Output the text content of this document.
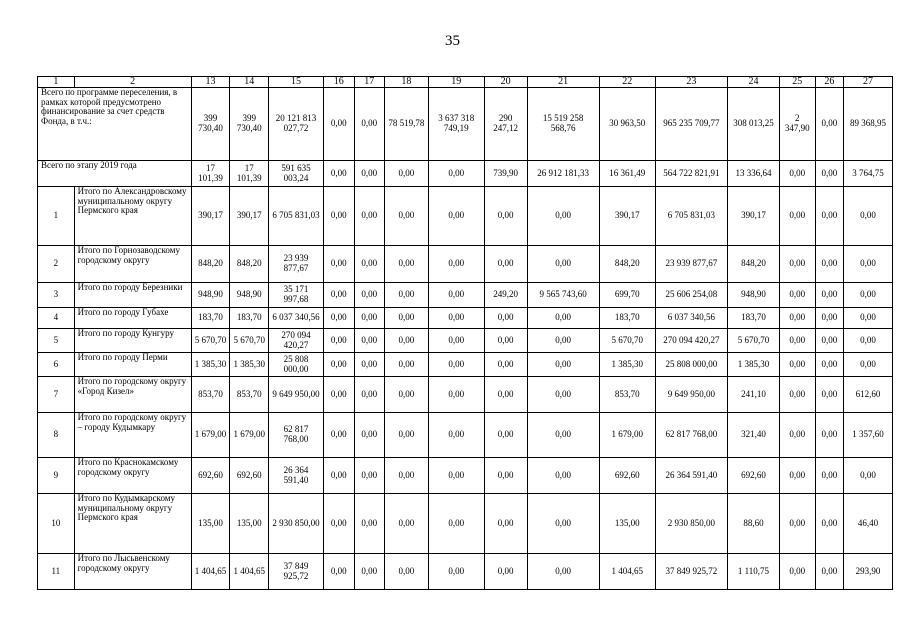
35
1	2	13	14	15	16	17	18	19	20	21	22	23	24	25	26	27
Всего по программе переселения, в рамках которой предусмотрено финансирование за счет средств Фонда, в т.ч.:		399 730,40	399 730,40	20 121 813 027,72	0,00	0,00	78 519,78	3 637 318 749,19	290 247,12	15 519 258 568,76	30 963,50	965 235 709,77	308 013,25	2 347,90	0,00	89 368,95
Всего по этапу 2019 года		17 101,39	17 101,39	591 635 003,24	0,00	0,00	0,00	0,00	739,90	26 912 181,33	16 361,49	564 722 821,91	13 336,64	0,00	0,00	3 764,75
1	Итого по Александровскому муниципальному округу Пермского края	390,17	390,17	6 705 831,03	0,00	0,00	0,00	0,00	0,00	0,00	390,17	6 705 831,03	390,17	0,00	0,00	0,00
2	Итого по Горнозаводскому городскому округу	848,20	848,20	23 939 877,67	0,00	0,00	0,00	0,00	0,00	0,00	848,20	23 939 877,67	848,20	0,00	0,00	0,00
3	Итого по городу Березники	948,90	948,90	35 171 997,68	0,00	0,00	0,00	0,00	249,20	9 565 743,60	699,70	25 606 254,08	948,90	0,00	0,00	0,00
4	Итого по городу Губахе	183,70	183,70	6 037 340,56	0,00	0,00	0,00	0,00	0,00	0,00	183,70	6 037 340,56	183,70	0,00	0,00	0,00
5	Итого по городу Кунгуру	5 670,70	5 670,70	270 094 420,27	0,00	0,00	0,00	0,00	0,00	0,00	5 670,70	270 094 420,27	5 670,70	0,00	0,00	0,00
6	Итого по городу Перми	1 385,30	1 385,30	25 808 000,00	0,00	0,00	0,00	0,00	0,00	0,00	1 385,30	25 808 000,00	1 385,30	0,00	0,00	0,00
7	Итого по городскому округу «Город Кизел»	853,70	853,70	9 649 950,00	0,00	0,00	0,00	0,00	0,00	0,00	853,70	9 649 950,00	241,10	0,00	0,00	612,60
8	Итого по городскому округу – городу Кудымкару	1 679,00	1 679,00	62 817 768,00	0,00	0,00	0,00	0,00	0,00	0,00	1 679,00	62 817 768,00	321,40	0,00	0,00	1 357,60
9	Итого по Краснокамскому городскому округу	692,60	692,60	26 364 591,40	0,00	0,00	0,00	0,00	0,00	0,00	692,60	26 364 591,40	692,60	0,00	0,00	0,00
10	Итого по Кудымкарскому муниципальному округу Пермского края	135,00	135,00	2 930 850,00	0,00	0,00	0,00	0,00	0,00	0,00	135,00	2 930 850,00	88,60	0,00	0,00	46,40
11	Итого по Лысьвенскому городскому округу	1 404,65	1 404,65	37 849 925,72	0,00	0,00	0,00	0,00	0,00	0,00	1 404,65	37 849 925,72	1 110,75	0,00	0,00	293,90
